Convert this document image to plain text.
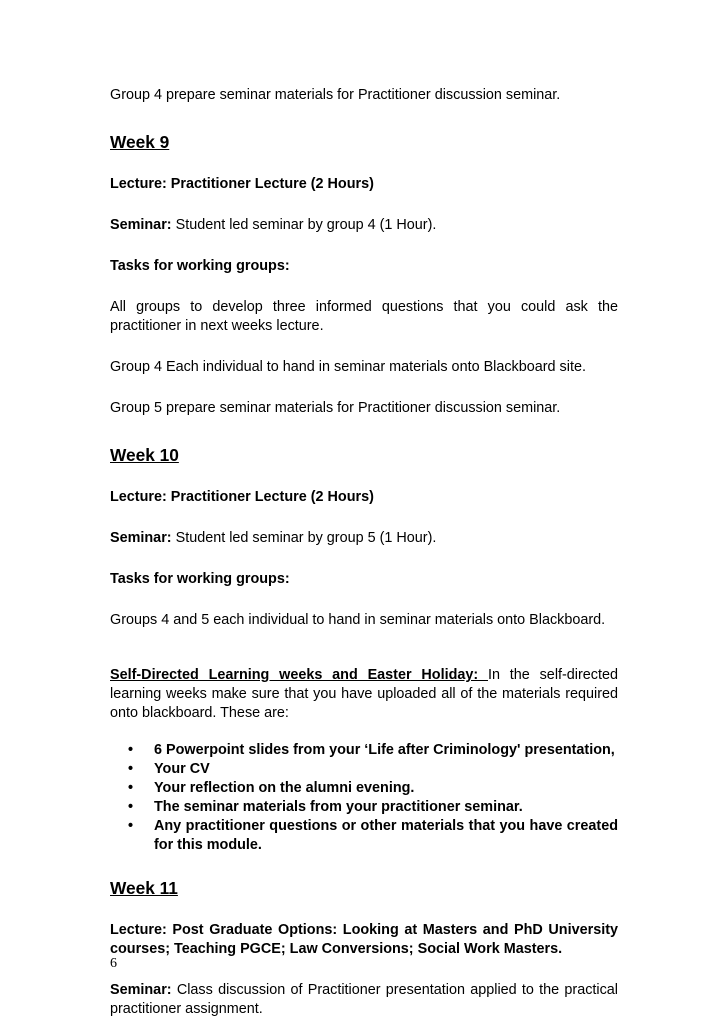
Group 4 prepare seminar materials for Practitioner discussion seminar.

Week 9

Lecture: Practitioner Lecture (2 Hours)

Seminar: Student led seminar by group 4 (1 Hour).

Tasks for working groups:

All groups to develop three informed questions that you could ask the practitioner in next weeks lecture.

Group 4 Each individual to hand in seminar materials onto Blackboard site.

Group 5 prepare seminar materials for Practitioner discussion seminar.

Week 10

Lecture: Practitioner Lecture (2 Hours)

Seminar: Student led seminar by group 5 (1 Hour).

Tasks for working groups:

Groups 4 and 5 each individual to hand in seminar materials onto Blackboard.

Self-Directed Learning weeks and Easter Holiday: In the self-directed learning weeks make sure that you have uploaded all of the materials required onto blackboard. These are:

• 6 Powerpoint slides from your ‘Life after Criminology' presentation,
• Your CV
• Your reflection on the alumni evening.
• The seminar materials from your practitioner seminar.
• Any practitioner questions or other materials that you have created for this module.

Week 11

Lecture: Post Graduate Options: Looking at Masters and PhD University courses; Teaching PGCE; Law Conversions; Social Work Masters.

Seminar: Class discussion of Practitioner presentation applied to the practical practitioner assignment.

6
